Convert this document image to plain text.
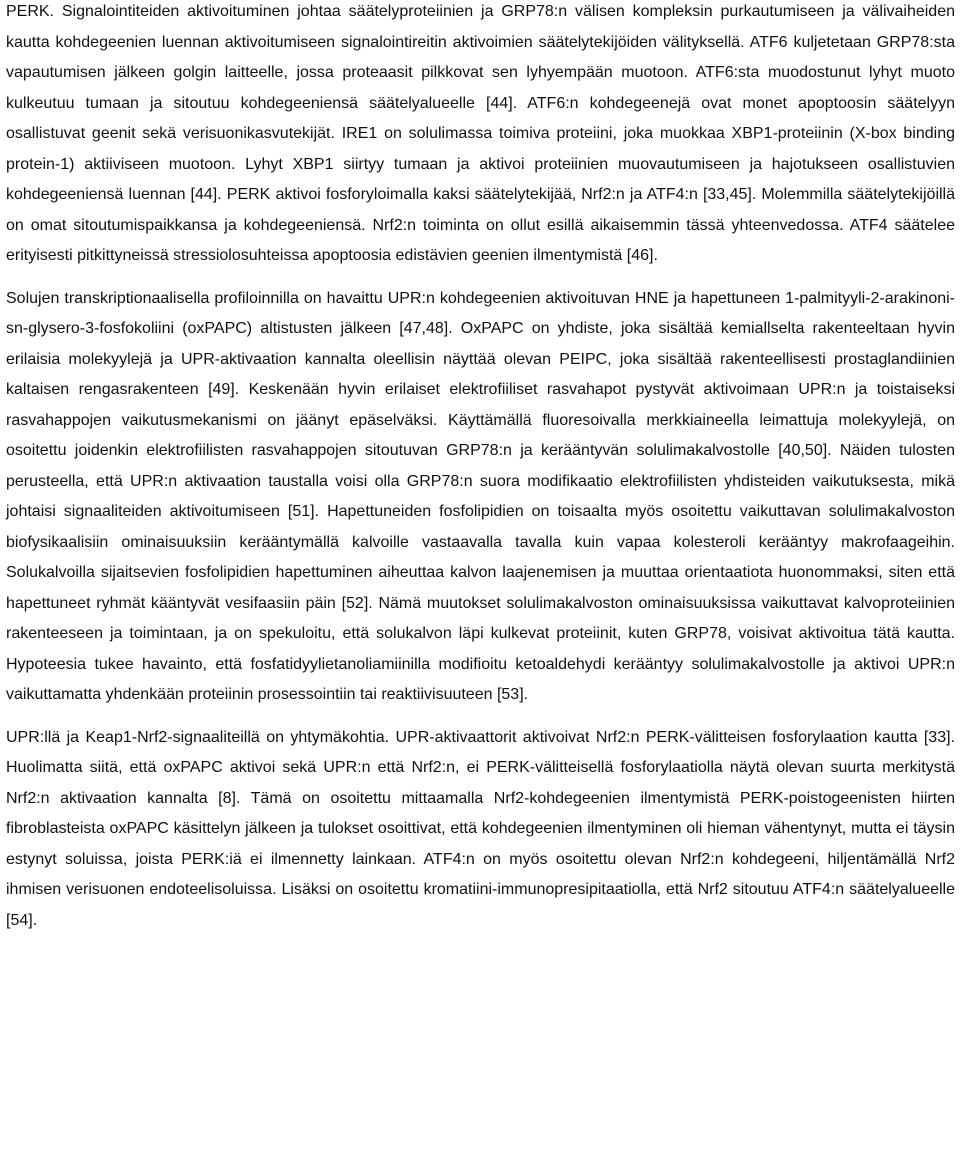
PERK. Signalointiteiden aktivoituminen johtaa säätelyproteiinien ja GRP78:n välisen kompleksin purkautumiseen ja välivaiheiden kautta kohdegeenien luennan aktivoitumiseen signalointireitin aktivoimien säätelytekijöiden välityksellä. ATF6 kuljetetaan GRP78:sta vapautumisen jälkeen golgin laitteelle, jossa proteaasit pilkkovat sen lyhyempään muotoon. ATF6:sta muodostunut lyhyt muoto kulkeutuu tumaan ja sitoutuu kohdegeeniensä säätelyalueelle [44]. ATF6:n kohdegeenejä ovat monet apoptoosin säätelyyn osallistuvat geenit sekä verisuonikasvutekijät. IRE1 on solulimassa toimiva proteiini, joka muokkaa XBP1-proteiinin (X-box binding protein-1) aktiiviseen muotoon. Lyhyt XBP1 siirtyy tumaan ja aktivoi proteiinien muovautumiseen ja hajotukseen osallistuvien kohdegeeniensä luennan [44]. PERK aktivoi fosforyloimalla kaksi säätelytekijää, Nrf2:n ja ATF4:n [33,45]. Molemmilla säätelytekijöillä on omat sitoutumispaikkansa ja kohdegeeniensä. Nrf2:n toiminta on ollut esillä aikaisemmin tässä yhteenvedossa. ATF4 säätelee erityisesti pitkittyneissä stressiolosuhteissa apoptoosia edistävien geenien ilmentymistä [46].

Solujen transkriptionaalisella profiloinnilla on havaittu UPR:n kohdegeenien aktivoituvan HNE ja hapettuneen 1-palmityyli-2-arakinoni-sn-glysero-3-fosfokoliini (oxPAPC) altistusten jälkeen [47,48]. OxPAPC on yhdiste, joka sisältää kemiallselta rakenteeltaan hyvin erilaisia molekyylejä ja UPR-aktivaation kannalta oleellisin näyttää olevan PEIPC, joka sisältää rakenteellisesti prostaglandiinien kaltaisen rengasrakenteen [49]. Keskenään hyvin erilaiset elektrofiiliset rasvahapot pystyvät aktivoimaan UPR:n ja toistaiseksi rasvahappojen vaikutusmekanismi on jäänyt epäselväksi. Käyttämällä fluoresoivalla merkkiaineella leimattuja molekyylejä, on osoitettu joidenkin elektrofiilisten rasvahappojen sitoutuvan GRP78:n ja kerääntyvän solulimakalvostolle [40,50]. Näiden tulosten perusteella, että UPR:n aktivaation taustalla voisi olla GRP78:n suora modifikaatio elektrofiilisten yhdisteiden vaikutuksesta, mikä johtaisi signaaliteiden aktivoitumiseen [51]. Hapettuneiden fosfolipidien on toisaalta myös osoitettu vaikuttavan solulimakalvoston biofysikaalisiin ominaisuuksiin kerääntymällä kalvoille vastaavalla tavalla kuin vapaa kolesteroli kerääntyy makrofaageihin. Solukalvoilla sijaitsevien fosfolipidien hapettuminen aiheuttaa kalvon laajenemisen ja muuttaa orientaatiota huonommaksi, siten että hapettuneet ryhmät kääntyvät vesifaasiin päin [52]. Nämä muutokset solulimakalvoston ominaisuuksissa vaikuttavat kalvoproteiinien rakenteeseen ja toimintaan, ja on spekuloitu, että solukalvon läpi kulkevat proteiinit, kuten GRP78, voisivat aktivoitua tätä kautta. Hypoteesia tukee havainto, että fosfatidyylietanoliamiinilla modifioitu ketoaldehydi kerääntyy solulimakalvostolle ja aktivoi UPR:n vaikuttamatta yhdenkään proteiinin prosessointiin tai reaktiivisuuteen [53].

UPR:llä ja Keap1-Nrf2-signaaliteillä on yhtymäkohtia. UPR-aktivaattorit aktivoivat Nrf2:n PERK-välitteisen fosforylaation kautta [33]. Huolimatta siitä, että oxPAPC aktivoi sekä UPR:n että Nrf2:n, ei PERK-välitteisellä fosforylaatiolla näytä olevan suurta merkitystä Nrf2:n aktivaation kannalta [8]. Tämä on osoitettu mittaamalla Nrf2-kohdegeenien ilmentymistä PERK-poistogeenisten hiirten fibroblasteista oxPAPC käsittelyn jälkeen ja tulokset osoittivat, että kohdegeenien ilmentyminen oli hieman vähentynyt, mutta ei täysin estynyt soluissa, joista PERK:iä ei ilmennetty lainkaan. ATF4:n on myös osoitettu olevan Nrf2:n kohdegeeni, hiljentämällä Nrf2 ihmisen verisuonen endoteelisoluissa. Lisäksi on osoitettu kromatiini-immunopresipitaatiolla, että Nrf2 sitoutuu ATF4:n säätelyalueelle [54].
